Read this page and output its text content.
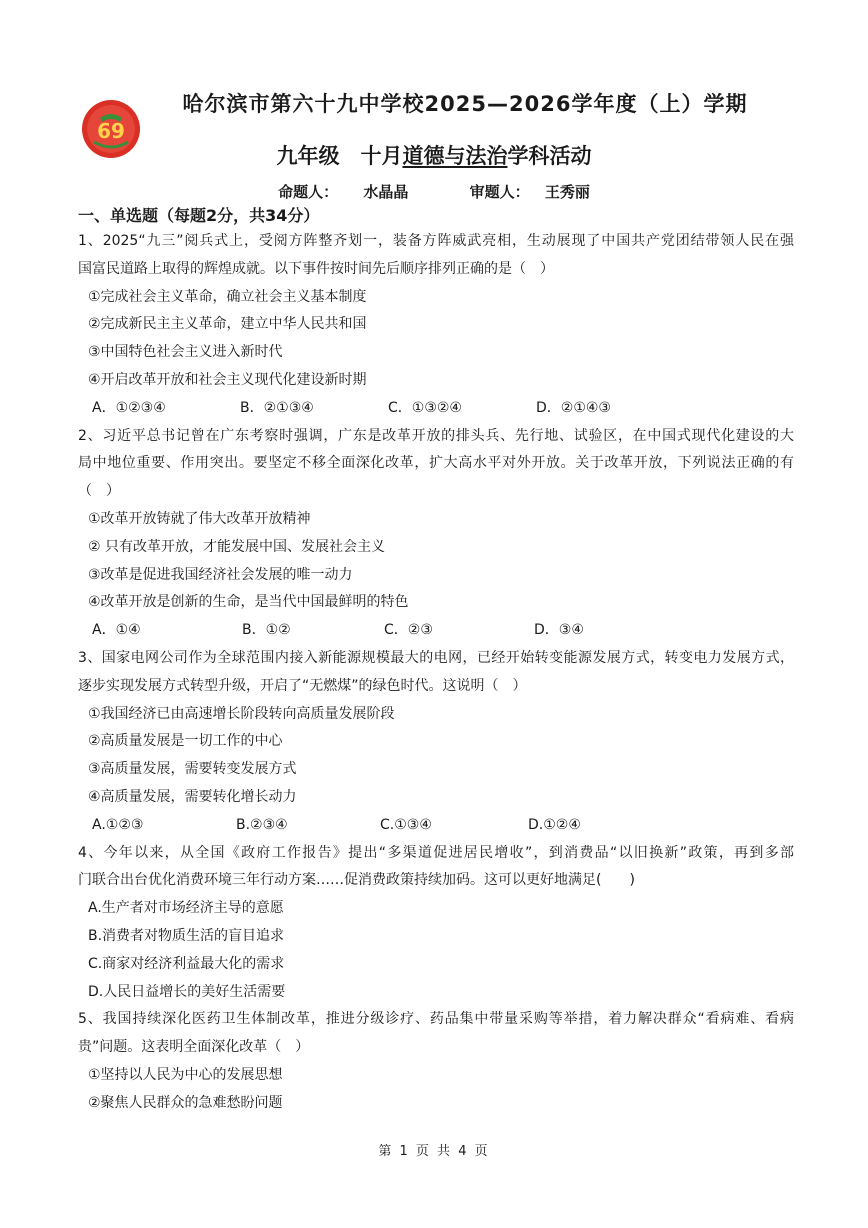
69
哈尔滨市第六十九中学校2025—2026学年度（上）学期
九年级　十月道德与法治学科活动
命题人： 水晶晶	审题人： 王秀丽
一、单选题（每题2分，共34分）
1、2025“九三”阅兵式上，受阅方阵整齐划一，装备方阵威武亮相，生动展现了中国共产党团结带领人民在强
国富民道路上取得的辉煌成就。以下事件按时间先后顺序排列正确的是（　）
①完成社会主义革命，确立社会主义基本制度
②完成新民主主义革命，建立中华人民共和国
③中国特色社会主义进入新时代
④开启改革开放和社会主义现代化建设新时期
A．①②③④	B．②①③④	C．①③②④	D．②①④③
2、习近平总书记曾在广东考察时强调，广东是改革开放的排头兵、先行地、试验区，在中国式现代化建设的大
局中地位重要、作用突出。要坚定不移全面深化改革，扩大高水平对外开放。关于改革开放，下列说法正确的有
（　）
①改革开放铸就了伟大改革开放精神
② 只有改革开放，才能发展中国、发展社会主义
③改革是促进我国经济社会发展的唯一动力
④改革开放是创新的生命，是当代中国最鲜明的特色
A．①④	B．①②	C．②③	D．③④
3、国家电网公司作为全球范围内接入新能源规模最大的电网，已经开始转变能源发展方式，转变电力发展方式，
逐步实现发展方式转型升级，开启了“无燃煤”的绿色时代。这说明（　）
①我国经济已由高速增长阶段转向高质量发展阶段
②高质量发展是一切工作的中心
③高质量发展，需要转变发展方式
④高质量发展，需要转化增长动力
A.①②③	B.②③④	C.①③④	D.①②④
4、今年以来，从全国《政府工作报告》提出“多渠道促进居民增收”，到消费品“以旧换新”政策，再到多部
门联合出台优化消费环境三年行动方案……促消费政策持续加码。这可以更好地满足(　　)
A.生产者对市场经济主导的意愿
B.消费者对物质生活的盲目追求
C.商家对经济利益最大化的需求
D.人民日益增长的美好生活需要
5、我国持续深化医药卫生体制改革，推进分级诊疗、药品集中带量采购等举措，着力解决群众“看病难、看病
贵”问题。这表明全面深化改革（　）
①坚持以人民为中心的发展思想
②聚焦人民群众的急难愁盼问题
第 1 页 共 4 页
